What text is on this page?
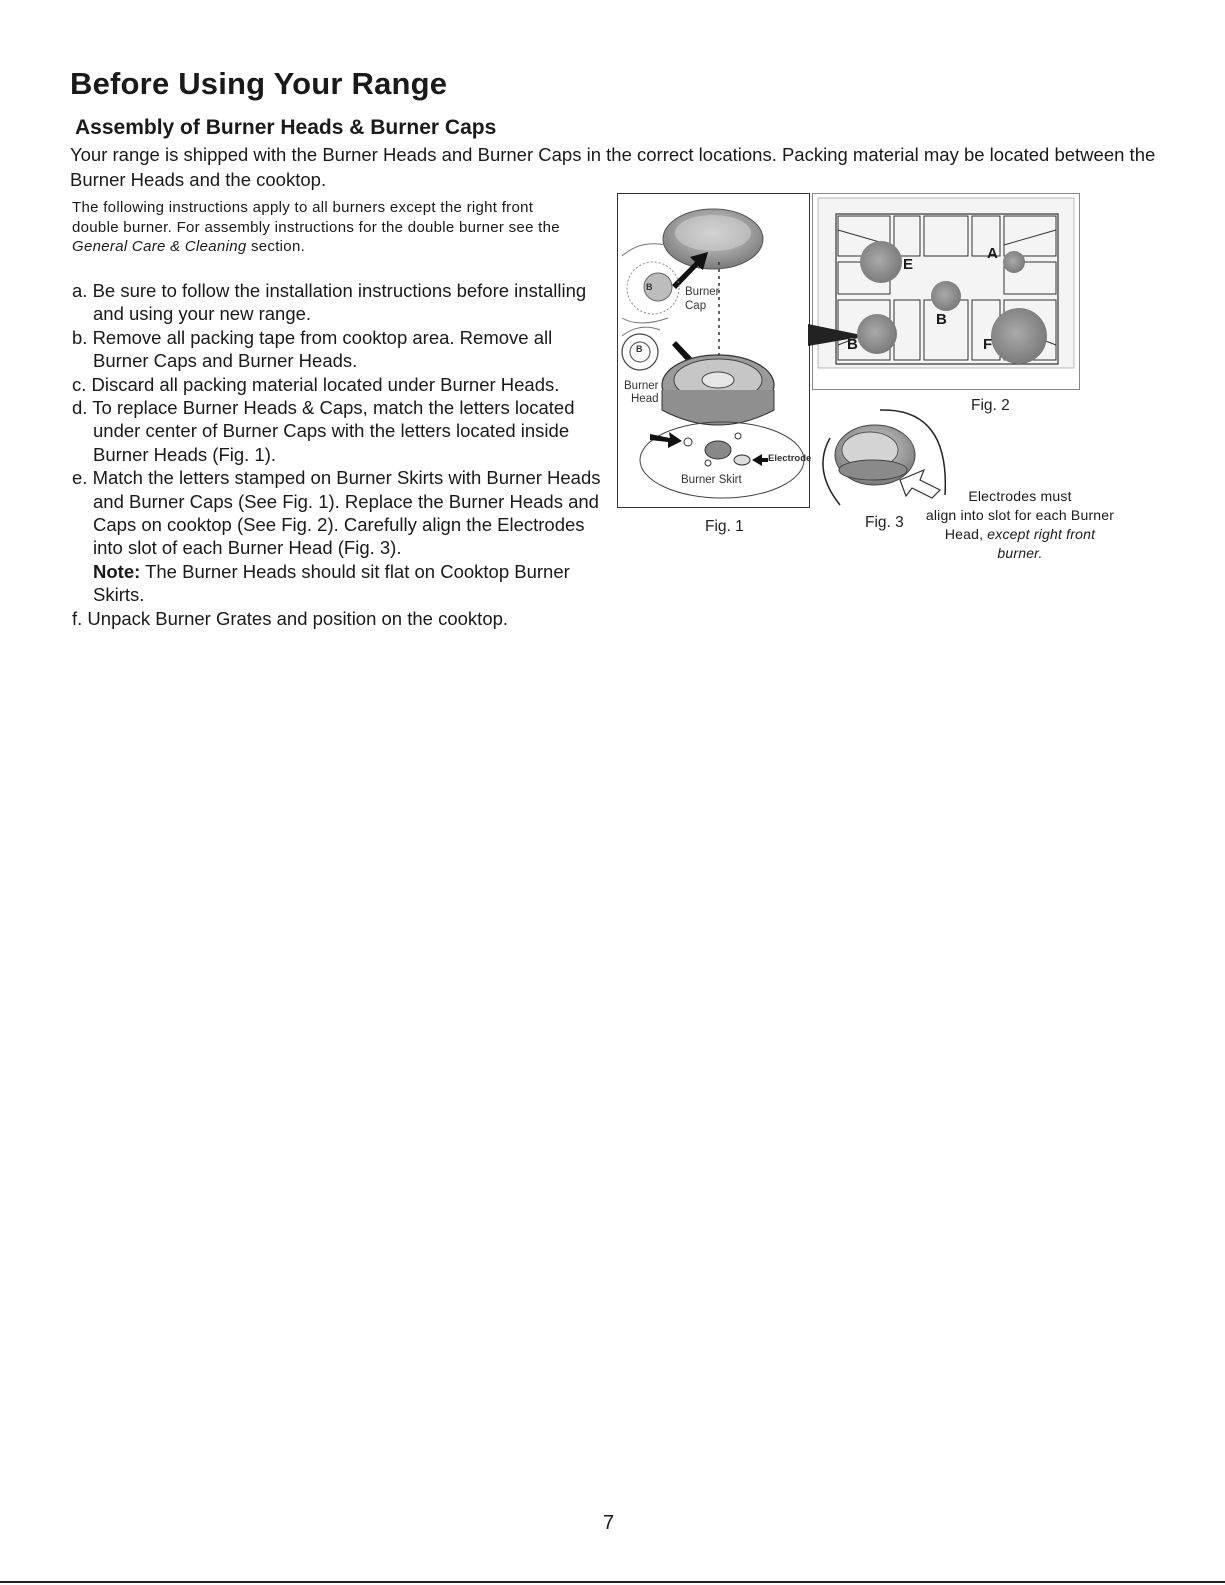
Before Using Your Range
Assembly of Burner Heads & Burner Caps

Your range is shipped with the Burner Heads and Burner Caps in the correct locations. Packing material may be located between the Burner Heads and the cooktop.

The following instructions apply to all burners except the right front double burner. For assembly instructions for the double burner see the General Care & Cleaning section.

a. Be sure to follow the installation instructions before installing and using your new range.
b. Remove all packing tape from cooktop area. Remove all Burner Caps and Burner Heads.
c. Discard all packing material located under Burner Heads.
d. To replace Burner Heads & Caps, match the letters located under center of Burner Caps with the letters located inside Burner Heads (Fig. 1).
e. Match the letters stamped on Burner Skirts with Burner Heads and Burner Caps (See Fig. 1). Replace the Burner Heads and Caps on cooktop (See Fig. 2). Carefully align the Electrodes into slot of each Burner Head (Fig. 3).
Note: The Burner Heads should sit flat on Cooktop Burner Skirts.
f. Unpack Burner Grates and position on the cooktop.
B
B
Burner
Cap
Burner
Head
Electrode
Burner Skirt
Fig. 1
E
A
B
B	F
Fig. 2
Fig. 3

Electrodes must
align into slot for each Burner
Head, except right front
burner.

7
